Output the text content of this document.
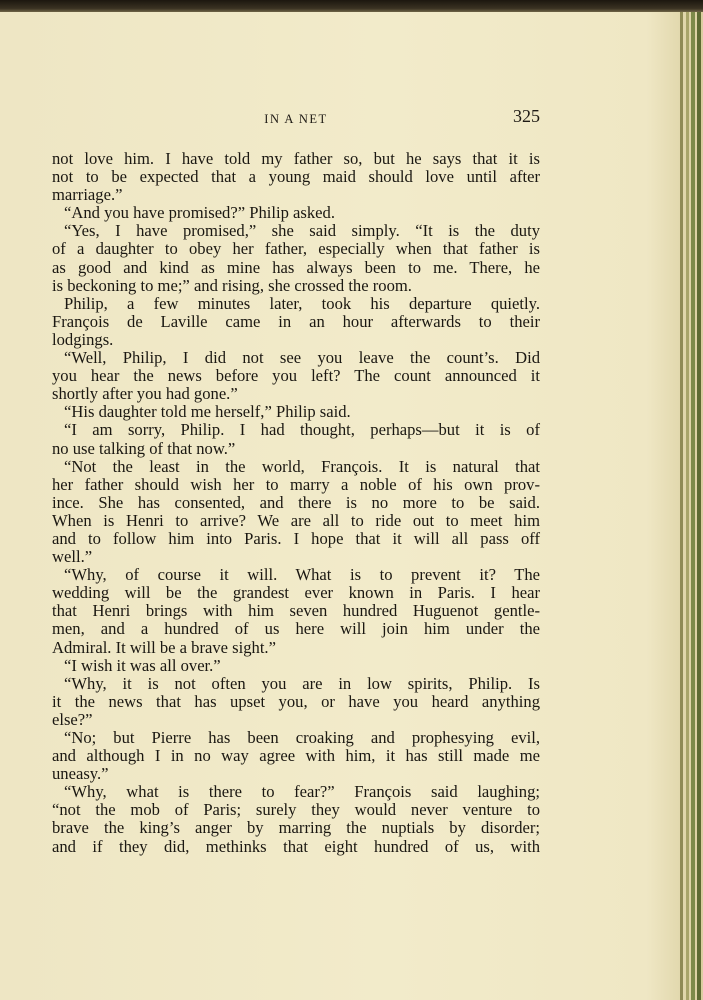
IN A NET	325
not love him. I have told my father so, but he says that it is
not to be expected that a young maid should love until after
marriage.”
“And you have promised?” Philip asked.
“Yes, I have promised,” she said simply. “It is the duty
of a daughter to obey her father, especially when that father is
as good and kind as mine has always been to me. There, he
is beckoning to me;” and rising, she crossed the room.
Philip, a few minutes later, took his departure quietly.
François de Laville came in an hour afterwards to their
lodgings.
“Well, Philip, I did not see you leave the count’s. Did
you hear the news before you left? The count announced it
shortly after you had gone.”
“His daughter told me herself,” Philip said.
“I am sorry, Philip. I had thought, perhaps—but it is of
no use talking of that now.”
“Not the least in the world, François. It is natural that
her father should wish her to marry a noble of his own prov-
ince. She has consented, and there is no more to be said.
When is Henri to arrive? We are all to ride out to meet him
and to follow him into Paris. I hope that it will all pass off
well.”
“Why, of course it will. What is to prevent it? The
wedding will be the grandest ever known in Paris. I hear
that Henri brings with him seven hundred Huguenot gentle-
men, and a hundred of us here will join him under the
Admiral. It will be a brave sight.”
“I wish it was all over.”
“Why, it is not often you are in low spirits, Philip. Is
it the news that has upset you, or have you heard anything
else?”
“No; but Pierre has been croaking and prophesying evil,
and although I in no way agree with him, it has still made me
uneasy.”
“Why, what is there to fear?” François said laughing;
“not the mob of Paris; surely they would never venture to
brave the king’s anger by marring the nuptials by disorder;
and if they did, methinks that eight hundred of us, with
